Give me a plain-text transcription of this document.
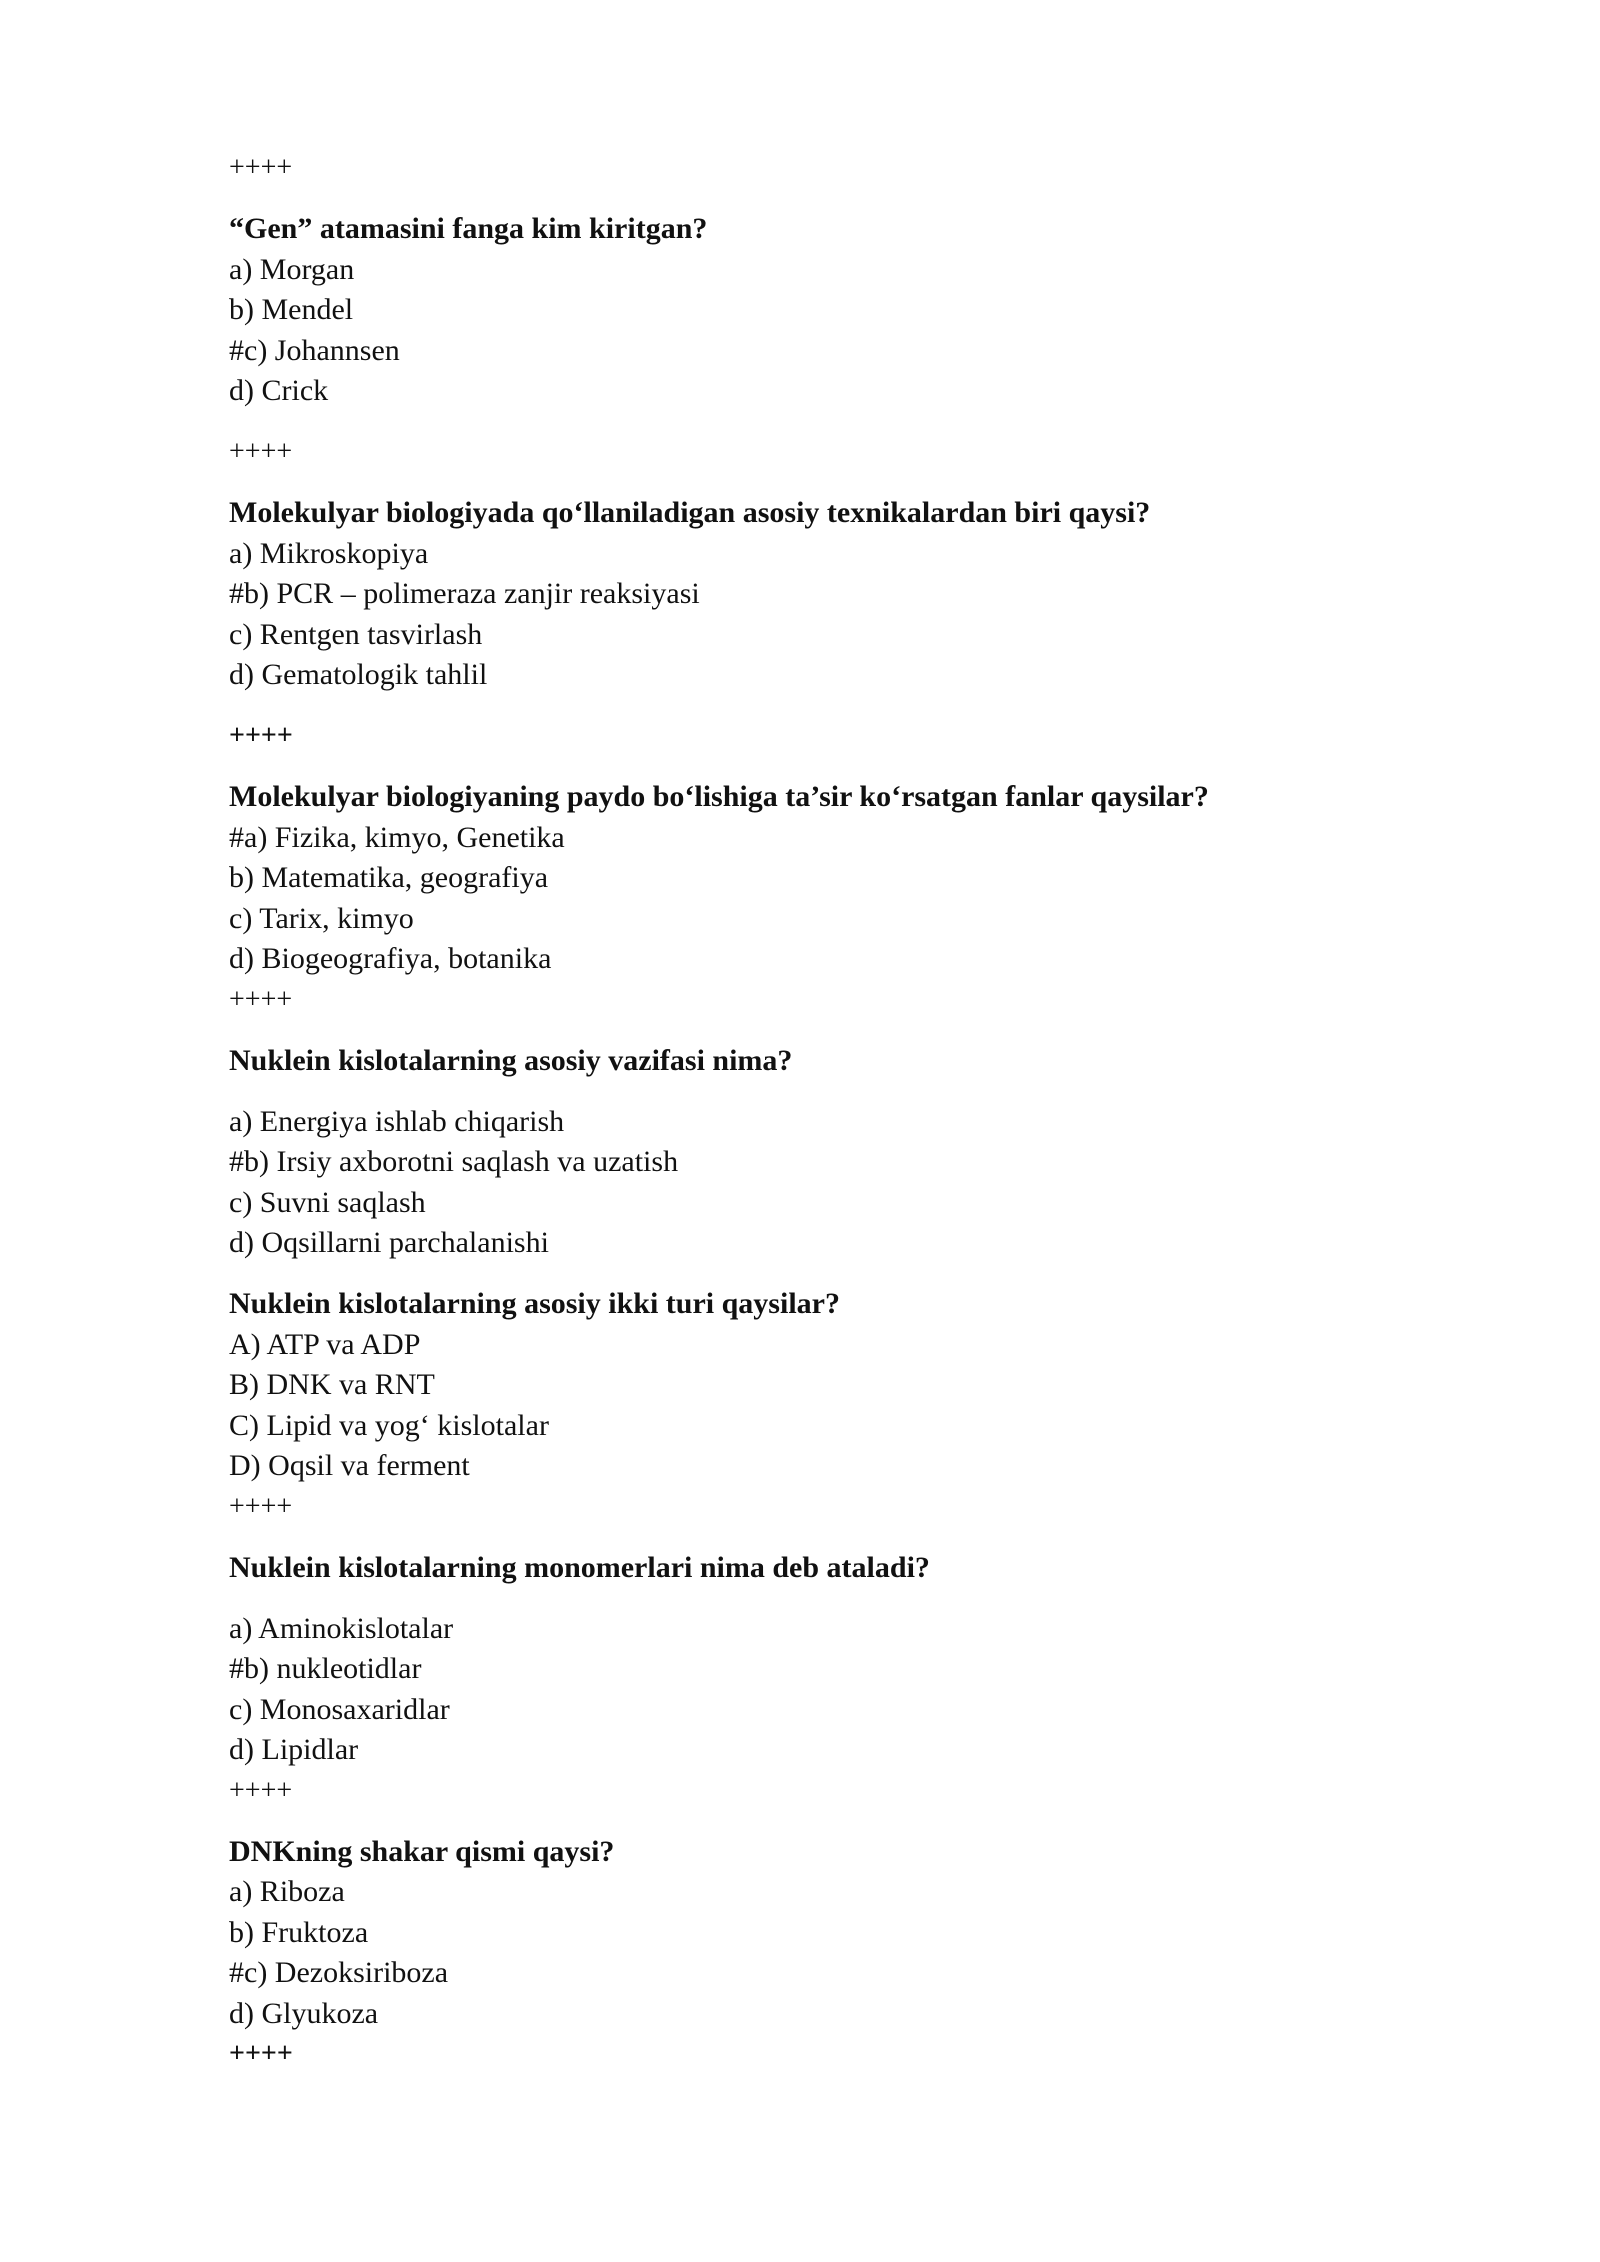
++++
“Gen” atamasini fanga kim kiritgan?
a) Morgan
b) Mendel
#c) Johannsen
d) Crick
++++
Molekulyar biologiyada qo‘llaniladigan asosiy texnikalardan biri qaysi?
a) Mikroskopiya
#b) PCR – polimeraza zanjir reaksiyasi
c) Rentgen tasvirlash
d) Gematologik tahlil
++++
Molekulyar biologiyaning paydo bo‘lishiga ta’sir ko‘rsatgan fanlar qaysilar?
#a) Fizika, kimyo, Genetika
b) Matematika, geografiya
c) Tarix, kimyo
d) Biogeografiya, botanika
++++
Nuklein kislotalarning asosiy vazifasi nima?
a) Energiya ishlab chiqarish
#b) Irsiy axborotni saqlash va uzatish
c) Suvni saqlash
d) Oqsillarni parchalanishi
Nuklein kislotalarning asosiy ikki turi qaysilar?
A) ATP va ADP
B) DNK va RNT
C) Lipid va yog‘ kislotalar
D) Oqsil va ferment
++++
Nuklein kislotalarning monomerlari nima deb ataladi?
a) Aminokislotalar
#b) nukleotidlar
c) Monosaxaridlar
d) Lipidlar
++++
DNKning shakar qismi qaysi?
a) Riboza
b) Fruktoza
#c) Dezoksiriboza
d) Glyukoza
++++
